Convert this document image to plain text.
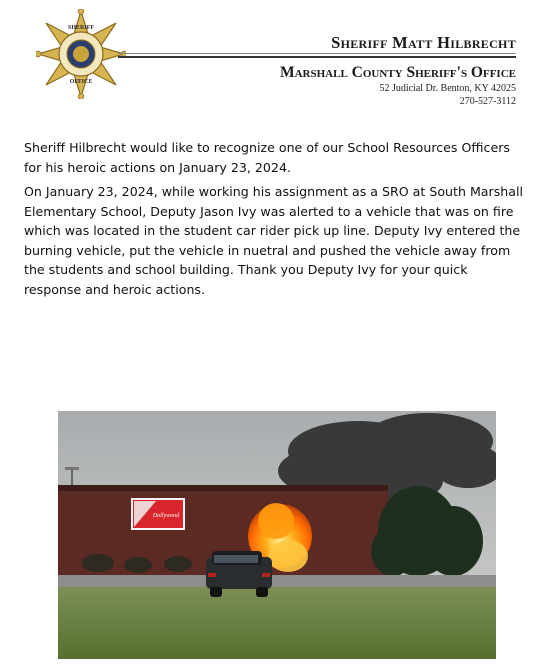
SHERIFF
OFFICE
Sheriff Matt Hilbrecht
Marshall County Sheriff's Office
52 Judicial Dr. Benton, KY 42025
270-527-3112

Sheriff Hilbrecht would like to recognize one of our School Resources Officers for his heroic actions on January 23, 2024.

On January 23, 2024, while working his assignment as a SRO at South Marshall Elementary School, Deputy Jason Ivy was alerted to a vehicle that was on fire which was located in the student car rider pick up line. Deputy Ivy entered the burning vehicle, put the vehicle in nuetral and pushed the vehicle away from the students and school building. Thank you Deputy Ivy for your quick response and heroic actions.

Dollywood
